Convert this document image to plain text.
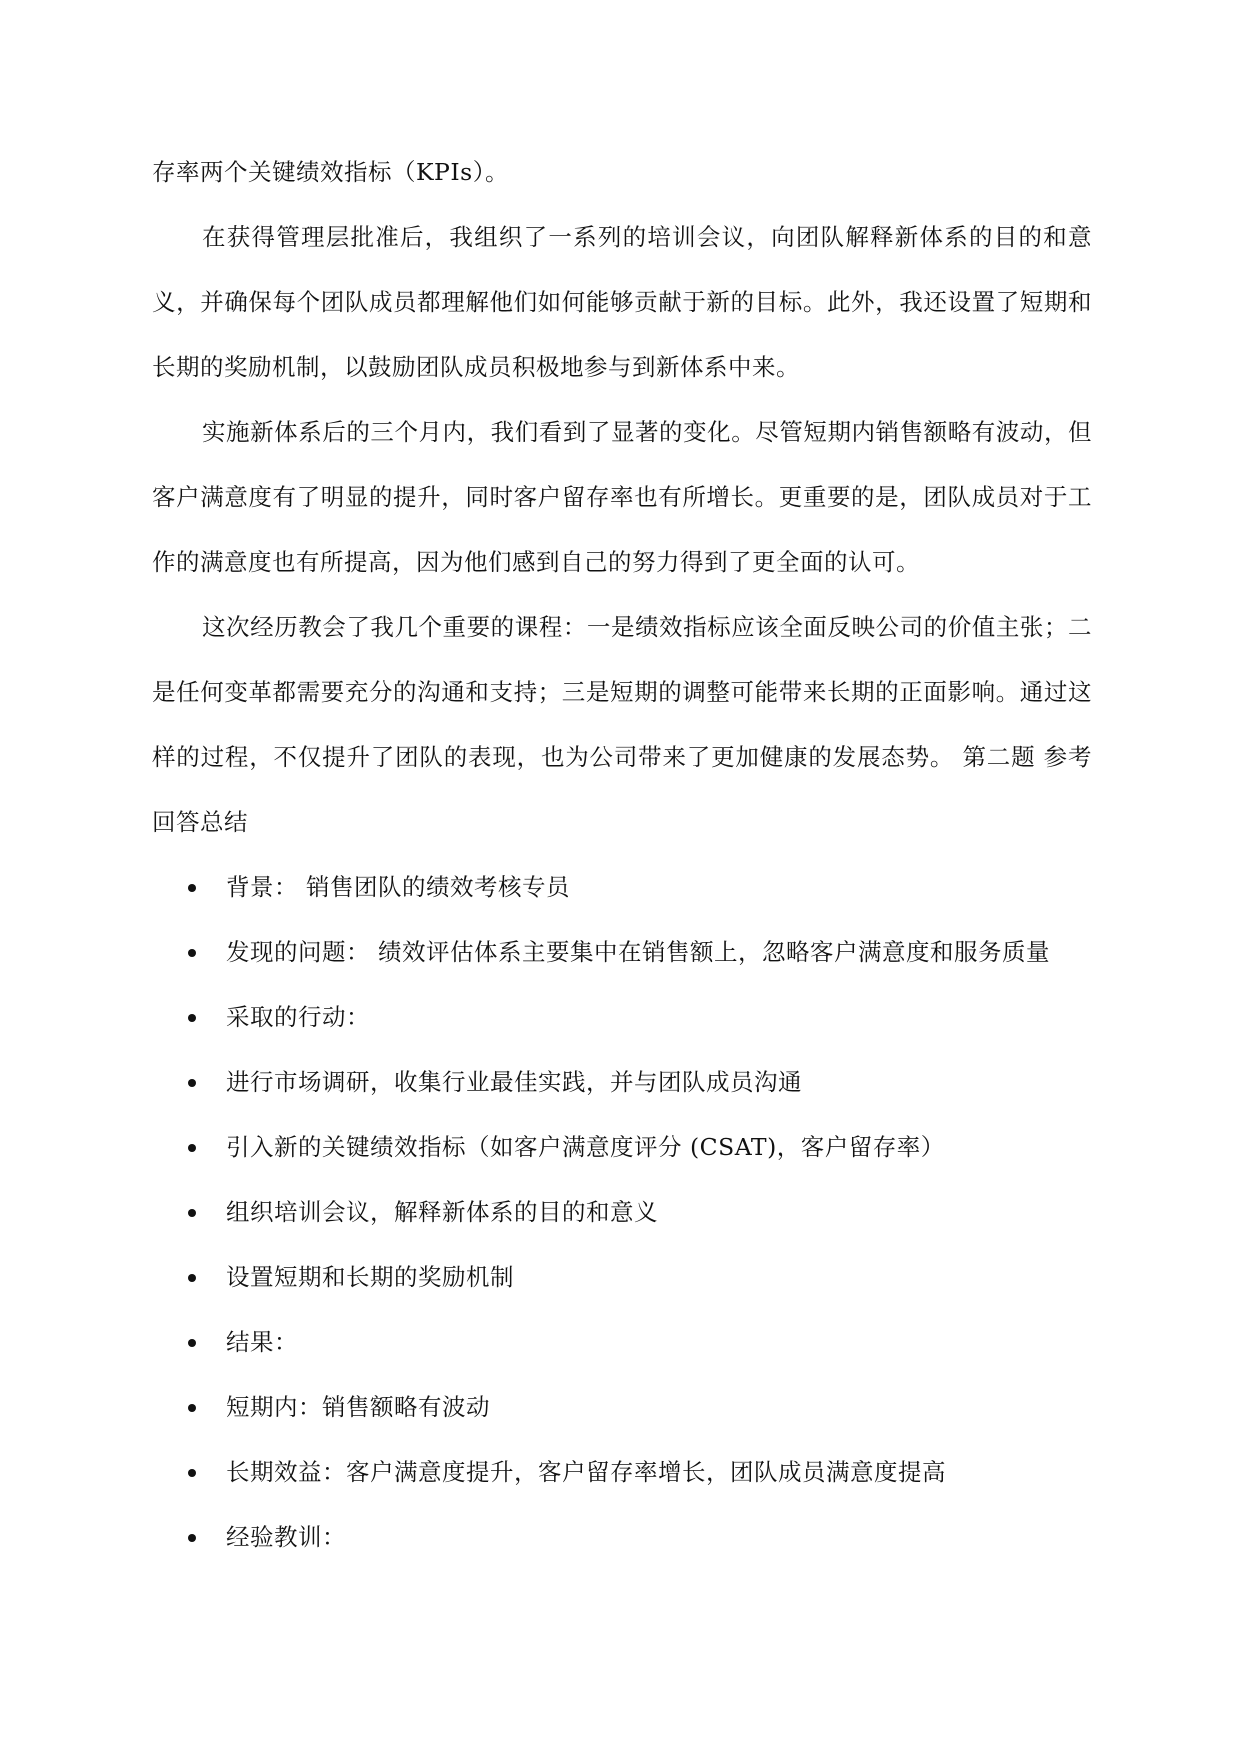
存率两个关键绩效指标（KPIs）。

在获得管理层批准后，我组织了一系列的培训会议，向团队解释新体系的目的和意义，并确保每个团队成员都理解他们如何能够贡献于新的目标。此外，我还设置了短期和长期的奖励机制，以鼓励团队成员积极地参与到新体系中来。

实施新体系后的三个月内，我们看到了显著的变化。尽管短期内销售额略有波动，但客户满意度有了明显的提升，同时客户留存率也有所增长。更重要的是，团队成员对于工作的满意度也有所提高，因为他们感到自己的努力得到了更全面的认可。

这次经历教会了我几个重要的课程：一是绩效指标应该全面反映公司的价值主张；二是任何变革都需要充分的沟通和支持；三是短期的调整可能带来长期的正面影响。通过这样的过程，不仅提升了团队的表现，也为公司带来了更加健康的发展态势。 第二题 参考回答总结

背景： 销售团队的绩效考核专员
发现的问题： 绩效评估体系主要集中在销售额上，忽略客户满意度和服务质量
采取的行动：
进行市场调研，收集行业最佳实践，并与团队成员沟通
引入新的关键绩效指标（如客户满意度评分 (CSAT)，客户留存率）
组织培训会议，解释新体系的目的和意义
设置短期和长期的奖励机制
结果：
短期内：销售额略有波动
长期效益：客户满意度提升，客户留存率增长，团队成员满意度提高
经验教训：
